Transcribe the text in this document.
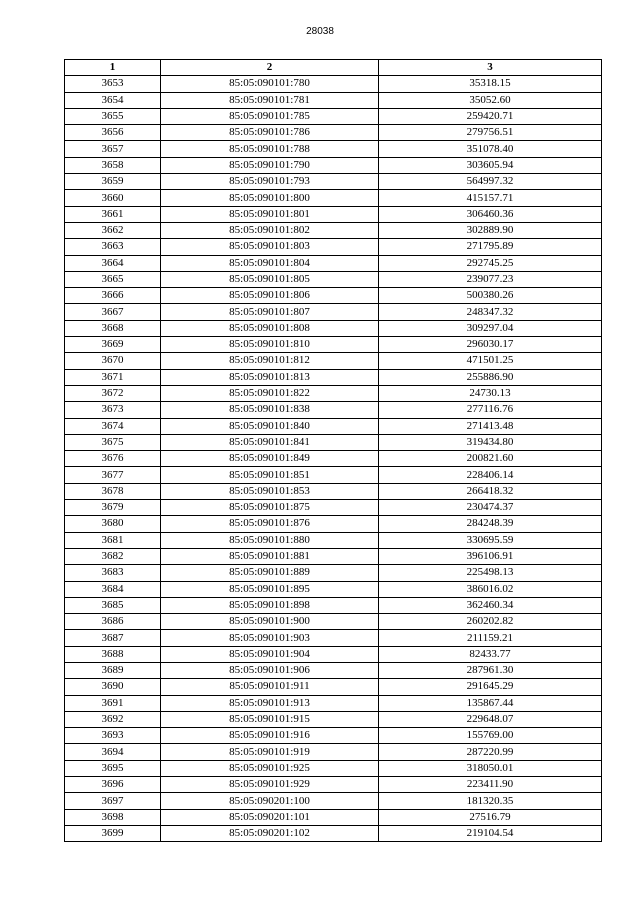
28038
1	2	3
3653	85:05:090101:780	35318.15
3654	85:05:090101:781	35052.60
3655	85:05:090101:785	259420.71
3656	85:05:090101:786	279756.51
3657	85:05:090101:788	351078.40
3658	85:05:090101:790	303605.94
3659	85:05:090101:793	564997.32
3660	85:05:090101:800	415157.71
3661	85:05:090101:801	306460.36
3662	85:05:090101:802	302889.90
3663	85:05:090101:803	271795.89
3664	85:05:090101:804	292745.25
3665	85:05:090101:805	239077.23
3666	85:05:090101:806	500380.26
3667	85:05:090101:807	248347.32
3668	85:05:090101:808	309297.04
3669	85:05:090101:810	296030.17
3670	85:05:090101:812	471501.25
3671	85:05:090101:813	255886.90
3672	85:05:090101:822	24730.13
3673	85:05:090101:838	277116.76
3674	85:05:090101:840	271413.48
3675	85:05:090101:841	319434.80
3676	85:05:090101:849	200821.60
3677	85:05:090101:851	228406.14
3678	85:05:090101:853	266418.32
3679	85:05:090101:875	230474.37
3680	85:05:090101:876	284248.39
3681	85:05:090101:880	330695.59
3682	85:05:090101:881	396106.91
3683	85:05:090101:889	225498.13
3684	85:05:090101:895	386016.02
3685	85:05:090101:898	362460.34
3686	85:05:090101:900	260202.82
3687	85:05:090101:903	211159.21
3688	85:05:090101:904	82433.77
3689	85:05:090101:906	287961.30
3690	85:05:090101:911	291645.29
3691	85:05:090101:913	135867.44
3692	85:05:090101:915	229648.07
3693	85:05:090101:916	155769.00
3694	85:05:090101:919	287220.99
3695	85:05:090101:925	318050.01
3696	85:05:090101:929	223411.90
3697	85:05:090201:100	181320.35
3698	85:05:090201:101	27516.79
3699	85:05:090201:102	219104.54
